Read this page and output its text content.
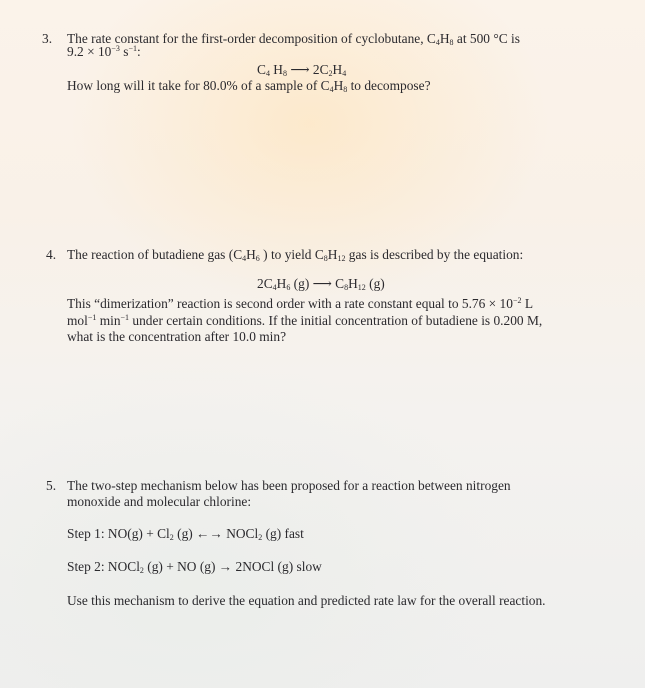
3. The rate constant for the first-order decomposition of cyclobutane, $C_4H_8$ at 500 °C is
$9.2 \times 10^{-3}$ $s^{-1}$:
$C_4$ $H_8$ ⟶ $2C_2H_4$
How long will it take for 80.0% of a sample of $C_4H_8$ to decompose?
4. The reaction of butadiene gas ($C_4H_6$ ) to yield $C_8H_{12}$ gas is described by the equation:
$2C_4H_6$ (g) ⟶ $C_8H_{12}$ (g)
This “dimerization” reaction is second order with a rate constant equal to $5.76 \times 10^{-2}$ L
mol$^{-1}$ $\min^{-1}$ under certain conditions. If the initial concentration of butadiene is 0.200 M,
what is the concentration after 10.0 min?
5. The two-step mechanism below has been proposed for a reaction between nitrogen
monoxide and molecular chlorine:
Step 1: $NO(g) + Cl_2$ (g) ←→ NOCl$_2$ (g) fast
Step 2: NOCl$_2$ (g) + NO (g) → 2NOCl (g) slow
Use this mechanism to derive the equation and predicted rate law for the overall reaction.
